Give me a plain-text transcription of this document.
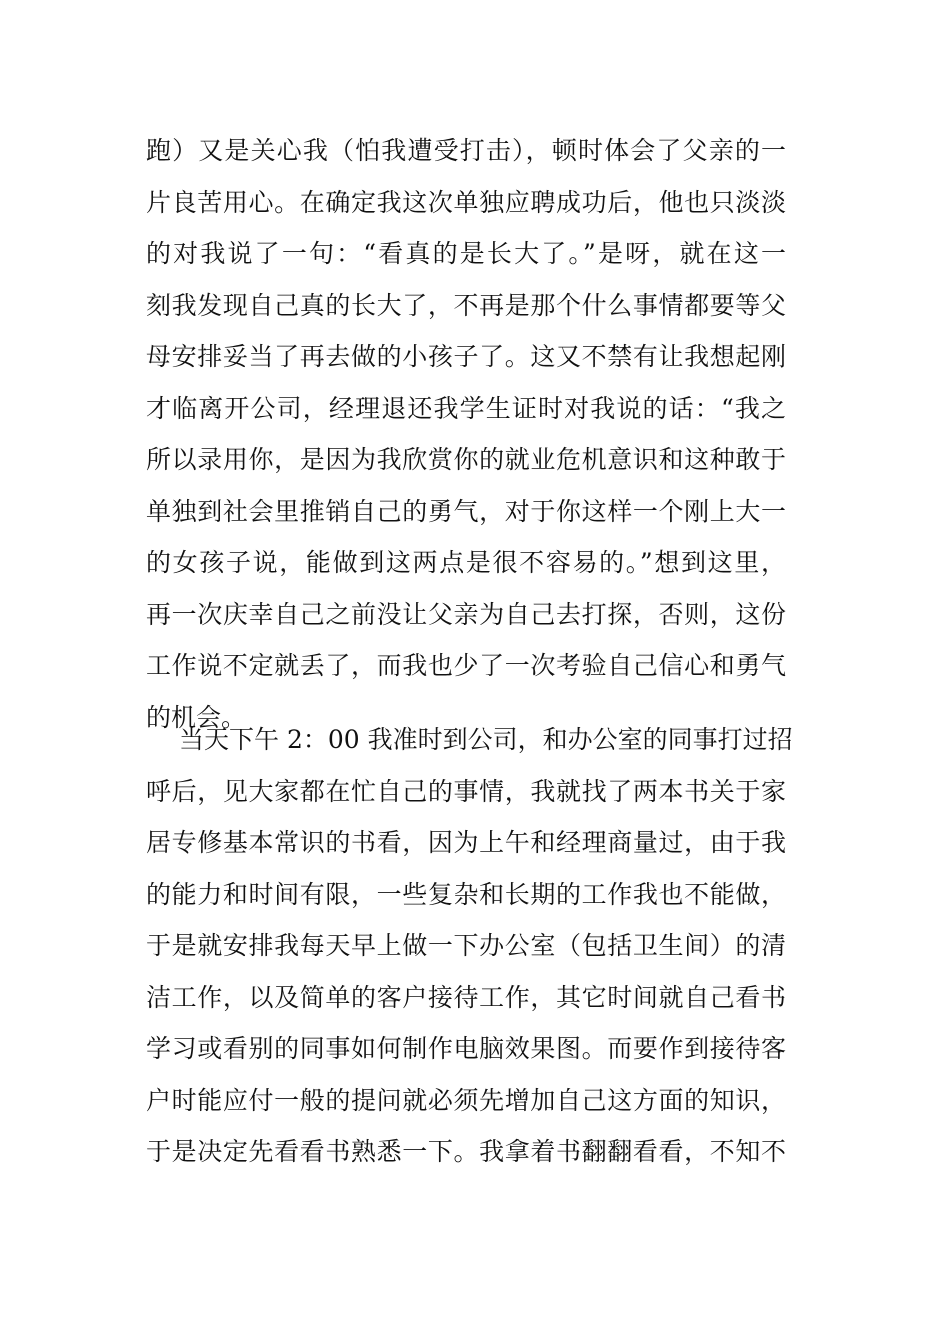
跑）又是关心我（怕我遭受打击），顿时体会了父亲的一
片良苦用心。在确定我这次单独应聘成功后，他也只淡淡
的对我说了一句：“看真的是长大了。”是呀，就在这一
刻我发现自己真的长大了，不再是那个什么事情都要等父
母安排妥当了再去做的小孩子了。这又不禁有让我想起刚
才临离开公司，经理退还我学生证时对我说的话：“我之
所以录用你，是因为我欣赏你的就业危机意识和这种敢于
单独到社会里推销自己的勇气，对于你这样一个刚上大一
的女孩子说，能做到这两点是很不容易的。”想到这里，
再一次庆幸自己之前没让父亲为自己去打探，否则，这份
工作说不定就丢了，而我也少了一次考验自己信心和勇气
的机会。
当天下午 2：00 我准时到公司，和办公室的同事打过招
呼后，见大家都在忙自己的事情，我就找了两本书关于家
居专修基本常识的书看，因为上午和经理商量过，由于我
的能力和时间有限，一些复杂和长期的工作我也不能做，
于是就安排我每天早上做一下办公室（包括卫生间）的清
洁工作，以及简单的客户接待工作，其它时间就自己看书
学习或看别的同事如何制作电脑效果图。而要作到接待客
户时能应付一般的提问就必须先增加自己这方面的知识，
于是决定先看看书熟悉一下。我拿着书翻翻看看，不知不
